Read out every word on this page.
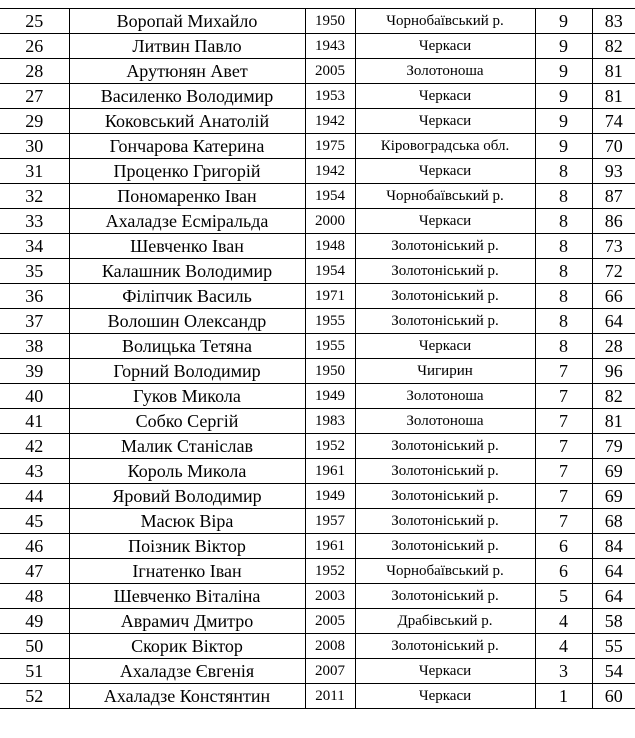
25	Воропай Михайло	1950	Чорнобаївський р.	9	83
26	Литвин Павло	1943	Черкаси	9	82
28	Арутюнян Авет	2005	Золотоноша	9	81
27	Василенко Володимир	1953	Черкаси	9	81
29	Коковський Анатолій	1942	Черкаси	9	74
30	Гончарова Катерина	1975	Кіровоградська обл.	9	70
31	Проценко Григорій	1942	Черкаси	8	93
32	Пономаренко Іван	1954	Чорнобаївський р.	8	87
33	Ахаладзе Есміральда	2000	Черкаси	8	86
34	Шевченко Іван	1948	Золотоніський р.	8	73
35	Калашник Володимир	1954	Золотоніський р.	8	72
36	Філіпчик Василь	1971	Золотоніський р.	8	66
37	Волошин Олександр	1955	Золотоніський р.	8	64
38	Волицька Тетяна	1955	Черкаси	8	28
39	Горний Володимир	1950	Чигирин	7	96
40	Гуков Микола	1949	Золотоноша	7	82
41	Собко Сергій	1983	Золотоноша	7	81
42	Малик Станіслав	1952	Золотоніський р.	7	79
43	Король Микола	1961	Золотоніський р.	7	69
44	Яровий Володимир	1949	Золотоніський р.	7	69
45	Масюк Віра	1957	Золотоніський р.	7	68
46	Поізник Віктор	1961	Золотоніський р.	6	84
47	Ігнатенко Іван	1952	Чорнобаївський р.	6	64
48	Шевченко Віталіна	2003	Золотоніський р.	5	64
49	Аврамич Дмитро	2005	Драбівський р.	4	58
50	Скорик Віктор	2008	Золотоніський р.	4	55
51	Ахаладзе Євгенія	2007	Черкаси	3	54
52	Ахаладзе Констянтин	2011	Черкаси	1	60
